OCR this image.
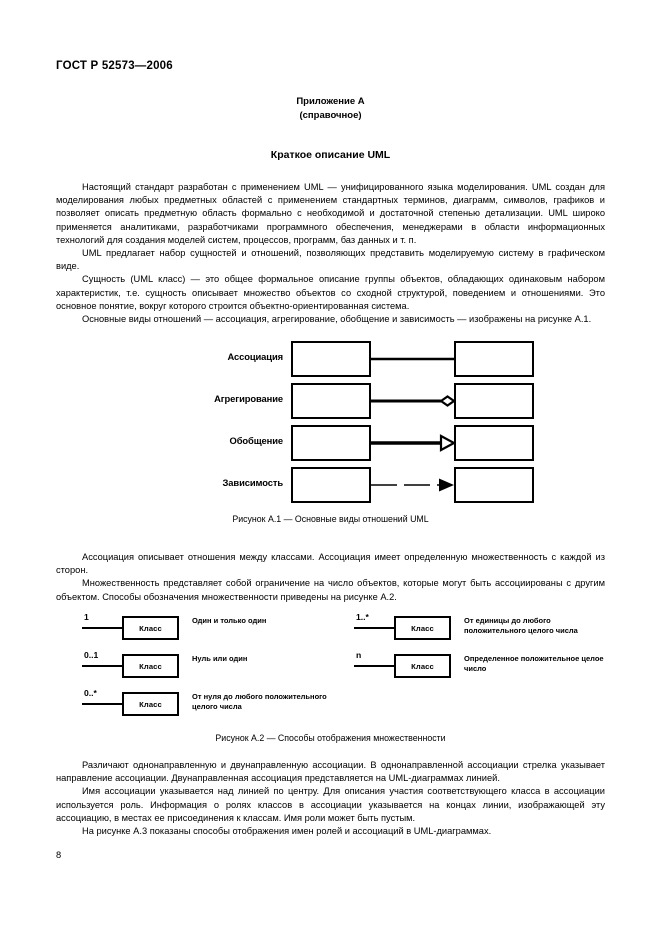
ГОСТ Р 52573—2006
Приложение А
(справочное)
Краткое описание UML

Настоящий стандарт разработан с применением UML — унифицированного языка моделирования. UML создан для моделирования любых предметных областей с применением стандартных терминов, диаграмм, символов, графиков и позволяет описать предметную область формально с необходимой и достаточной степенью детализации. UML широко применяется аналитиками, разработчиками программного обеспечения, менеджерами в области информационных технологий для создания моделей систем, процессов, программ, баз данных и т. п.

UML предлагает набор сущностей и отношений, позволяющих представить моделируемую систему в графическом виде.

Сущность (UML класс) — это общее формальное описание группы объектов, обладающих одинаковым набором характеристик, т.е. сущность описывает множество объектов со сходной структурой, поведением и отношениями. Это основное понятие, вокруг которого строится объектно-ориентированная система.

Основные виды отношений — ассоциация, агрегирование, обобщение и зависимость — изображены на рисунке А.1.

Ассоциация
Агрегирование
Обобщение
Зависимость
Рисунок А.1 — Основные виды отношений UML

Ассоциация описывает отношения между классами. Ассоциация имеет определенную множественность с каждой из сторон.

Множественность представляет собой ограничение на число объектов, которые могут быть ассоциированы с другим объектом. Способы обозначения множественности приведены на рисунке А.2.

1
Класс
Один и только один
0..1
Класс
Нуль или один
0..*
Класс
От нуля до любого положительного целого числа
1..*
Класс
От единицы до любого положительного целого числа
n
Класс
Определенное положительное целое число
Рисунок А.2 — Способы отображения множественности

Различают однонаправленную и двунаправленную ассоциации. В однонаправленной ассоциации стрелка указывает направление ассоциации. Двунаправленная ассоциация представляется на UML-диаграммах линией.

Имя ассоциации указывается над линией по центру. Для описания участия соответствующего класса в ассоциации используется роль. Информация о ролях классов в ассоциации указывается на концах линии, изображающей эту ассоциацию, в местах ее присоединения к классам. Имя роли может быть пустым.

На рисунке А.3 показаны способы отображения имен ролей и ассоциаций в UML-диаграммах.

8
